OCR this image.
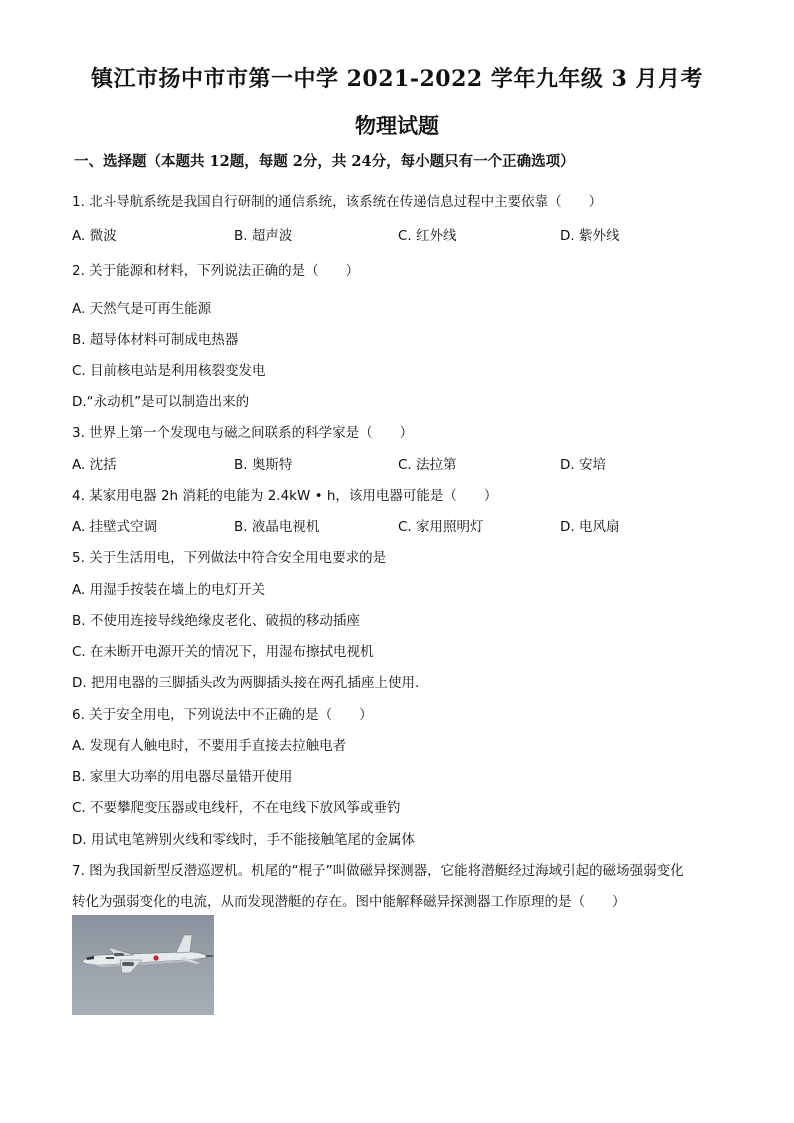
镇江市扬中市市第一中学 2021-2022 学年九年级 3 月月考
物理试题
一、选择题（本题共 12题，每题 2分，共 24分，每小题只有一个正确选项）
1. 北斗导航系统是我国自行研制的通信系统，该系统在传递信息过程中主要依靠（　　）
A. 微波	B. 超声波	C. 红外线	D. 紫外线
2. 关于能源和材料，下列说法正确的是（　　）
A. 天然气是可再生能源
B. 超导体材料可制成电热器
C. 目前核电站是利用核裂变发电
D.“永动机”是可以制造出来的
3. 世界上第一个发现电与磁之间联系的科学家是（　　）
A. 沈括	B. 奥斯特	C. 法拉第	D. 安培
4. 某家用电器 2h 消耗的电能为 2.4kW • h，该用电器可能是（　　）
A. 挂壁式空调	B. 液晶电视机	C. 家用照明灯	D. 电风扇
5. 关于生活用电，下列做法中符合安全用电要求的是
A. 用湿手按装在墙上的电灯开关
B. 不使用连接导线绝缘皮老化、破损的移动插座
C. 在未断开电源开关的情况下，用湿布擦拭电视机
D. 把用电器的三脚插头改为两脚插头接在两孔插座上使用.
6. 关于安全用电，下列说法中不正确的是（　　）
A. 发现有人触电时，不要用手直接去拉触电者
B. 家里大功率的用电器尽量错开使用
C. 不要攀爬变压器或电线杆，不在电线下放风筝或垂钓
D. 用试电笔辨别火线和零线时，手不能接触笔尾的金属体
7. 图为我国新型反潜巡逻机。机尾的“棍子”叫做磁异探测器，它能将潜艇经过海域引起的磁场强弱变化
转化为强弱变化的电流，从而发现潜艇的存在。图中能解释磁异探测器工作原理的是（　　）
